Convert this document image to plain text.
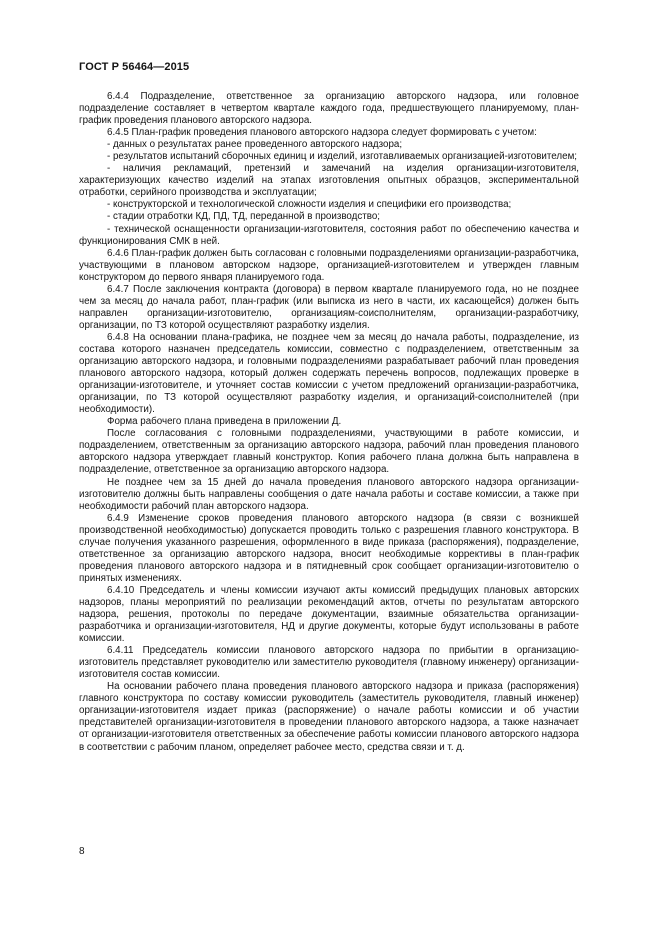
ГОСТ Р 56464—2015

6.4.4 Подразделение, ответственное за организацию авторского надзора, или головное подразделение составляет в четвертом квартале каждого года, предшествующего планируемому, план-график проведения планового авторского надзора.

6.4.5 План-график проведения планового авторского надзора следует формировать с учетом:

- данных о результатах ранее проведенного авторского надзора;

- результатов испытаний сборочных единиц и изделий, изготавливаемых организацией-изготовителем;

- наличия рекламаций, претензий и замечаний на изделия организации-изготовителя, характеризующих качество изделий на этапах изготовления опытных образцов, экспериментальной отработки, серийного производства и эксплуатации;

- конструкторской и технологической сложности изделия и специфики его производства;

- стадии отработки КД, ПД, ТД, переданной в производство;

- технической оснащенности организации-изготовителя, состояния работ по обеспечению качества и функционирования СМК в ней.

6.4.6 План-график должен быть согласован с головными подразделениями организации-разработчика, участвующими в плановом авторском надзоре, организацией-изготовителем и утвержден главным конструктором до первого января планируемого года.

6.4.7 После заключения контракта (договора) в первом квартале планируемого года, но не позднее чем за месяц до начала работ, план-график (или выписка из него в части, их касающейся) должен быть направлен организации-изготовителю, организациям-соисполнителям, организации-разработчику, организации, по ТЗ которой осуществляют разработку изделия.

6.4.8 На основании плана-графика, не позднее чем за месяц до начала работы, подразделение, из состава которого назначен председатель комиссии, совместно с подразделением, ответственным за организацию авторского надзора, и головными подразделениями разрабатывает рабочий план проведения планового авторского надзора, который должен содержать перечень вопросов, подлежащих проверке в организации-изготовителе, и уточняет состав комиссии с учетом предложений организации-разработчика, организации, по ТЗ которой осуществляют разработку изделия, и организаций-соисполнителей (при необходимости).

Форма рабочего плана приведена в приложении Д.

После согласования с головными подразделениями, участвующими в работе комиссии, и подразделением, ответственным за организацию авторского надзора, рабочий план проведения планового авторского надзора утверждает главный конструктор. Копия рабочего плана должна быть направлена в подразделение, ответственное за организацию авторского надзора.

Не позднее чем за 15 дней до начала проведения планового авторского надзора организации-изготовителю должны быть направлены сообщения о дате начала работы и составе комиссии, а также при необходимости рабочий план авторского надзора.

6.4.9 Изменение сроков проведения планового авторского надзора (в связи с возникшей производственной необходимостью) допускается проводить только с разрешения главного конструктора. В случае получения указанного разрешения, оформленного в виде приказа (распоряжения), подразделение, ответственное за организацию авторского надзора, вносит необходимые коррективы в план-график проведения планового авторского надзора и в пятидневный срок сообщает организации-изготовителю о принятых изменениях.

6.4.10 Председатель и члены комиссии изучают акты комиссий предыдущих плановых авторских надзоров, планы мероприятий по реализации рекомендаций актов, отчеты по результатам авторского надзора, решения, протоколы по передаче документации, взаимные обязательства организации-разработчика и организации-изготовителя, НД и другие документы, которые будут использованы в работе комиссии.

6.4.11 Председатель комиссии планового авторского надзора по прибытии в организацию-изготовитель представляет руководителю или заместителю руководителя (главному инженеру) организации-изготовителя состав комиссии.

На основании рабочего плана проведения планового авторского надзора и приказа (распоряжения) главного конструктора по составу комиссии руководитель (заместитель руководителя, главный инженер) организации-изготовителя издает приказ (распоряжение) о начале работы комиссии и об участии представителей организации-изготовителя в проведении планового авторского надзора, а также назначает от организации-изготовителя ответственных за обеспечение работы комиссии планового авторского надзора в соответствии с рабочим планом, определяет рабочее место, средства связи и т. д.

8
